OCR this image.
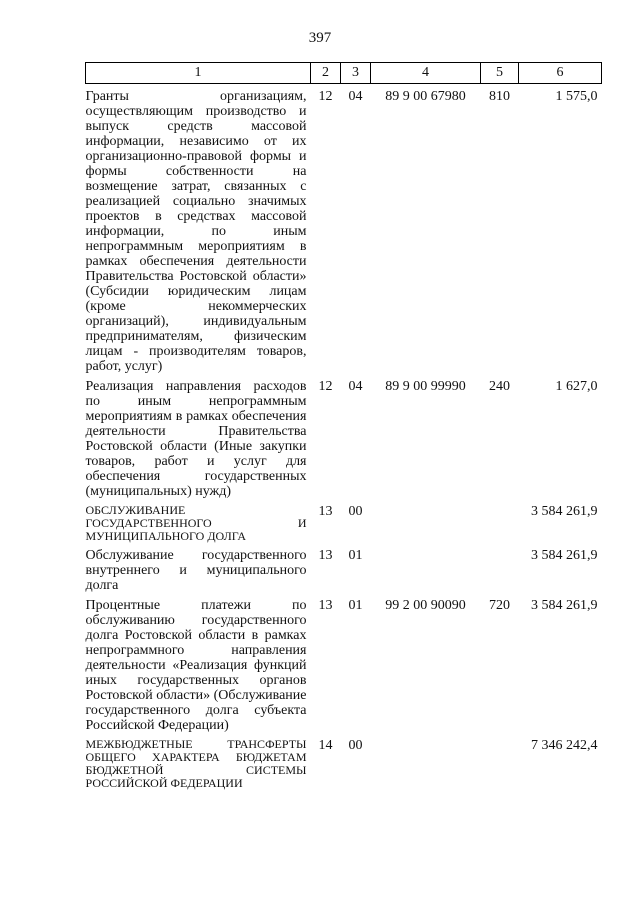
397
1	2	3	4	5	6
Гранты организациям, осуществляющим производство и выпуск средств массовой информации, независимо от их организационно-правовой формы и формы собственности на возмещение затрат, связанных с реализацией социально значимых проектов в средствах массовой информации, по иным непрограммным мероприятиям в рамках обеспечения деятельности Правительства Ростовской области» (Субсидии юридическим лицам (кроме некоммерческих организаций), индивидуальным предпринимателям, физическим лицам - производителям товаров, работ, услуг)	12	04	89 9 00 67980	810	1 575,0
Реализация направления расходов по иным непрограммным мероприятиям в рамках обеспечения деятельности Правительства Ростовской области (Иные закупки товаров, работ и услуг для обеспечения государственных (муниципальных) нужд)	12	04	89 9 00 99990	240	1 627,0
ОБСЛУЖИВАНИЕ ГОСУДАРСТВЕННОГО И МУНИЦИПАЛЬНОГО ДОЛГА	13	00			3 584 261,9
Обслуживание государственного внутреннего и муниципального долга	13	01			3 584 261,9
Процентные платежи по обслуживанию государственного долга Ростовской области в рамках непрограммного направления деятельности «Реализация функций иных государственных органов Ростовской области» (Обслуживание государственного долга субъекта Российской Федерации)	13	01	99 2 00 90090	720	3 584 261,9
МЕЖБЮДЖЕТНЫЕ ТРАНСФЕРТЫ ОБЩЕГО ХАРАКТЕРА БЮДЖЕТАМ БЮДЖЕТНОЙ СИСТЕМЫ РОССИЙСКОЙ ФЕДЕРАЦИИ	14	00			7 346 242,4
